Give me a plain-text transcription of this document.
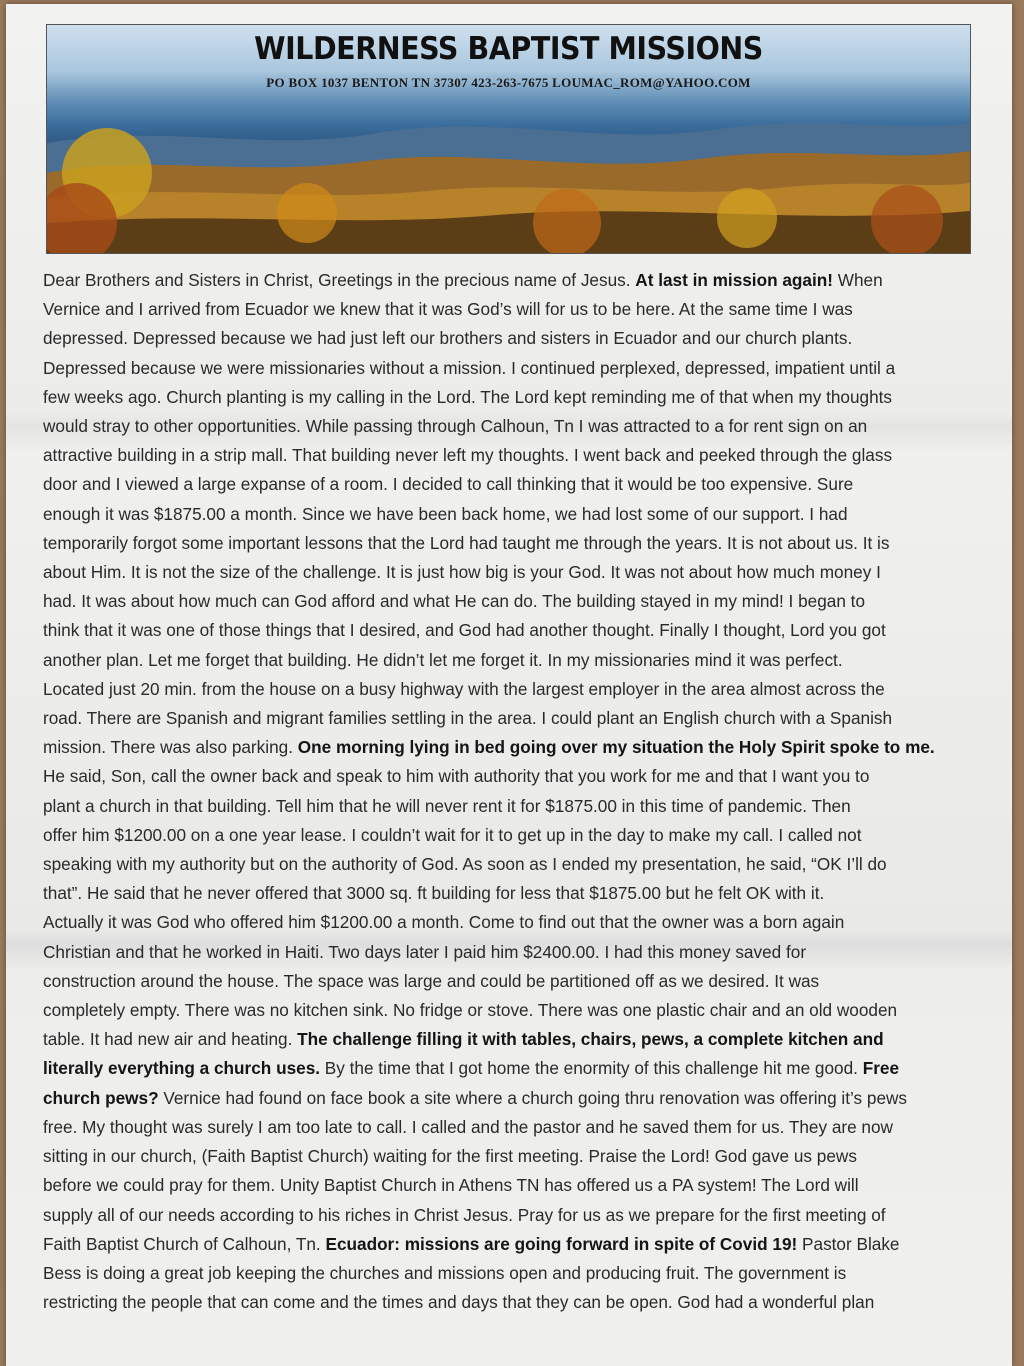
WILDERNESS BAPTIST MISSIONS
PO BOX 1037 BENTON TN 37307 423-263-7675 LOUMAC_ROM@YAHOO.COM
Dear Brothers and Sisters in Christ, Greetings in the precious name of Jesus. At last in mission again! When
Vernice and I arrived from Ecuador we knew that it was God’s will for us to be here. At the same time I was
depressed. Depressed because we had just left our brothers and sisters in Ecuador and our church plants.
Depressed because we were missionaries without a mission. I continued perplexed, depressed, impatient until a
few weeks ago. Church planting is my calling in the Lord. The Lord kept reminding me of that when my thoughts
would stray to other opportunities. While passing through Calhoun, Tn I was attracted to a for rent sign on an
attractive building in a strip mall. That building never left my thoughts. I went back and peeked through the glass
door and I viewed a large expanse of a room. I decided to call thinking that it would be too expensive. Sure
enough it was $1875.00 a month. Since we have been back home, we had lost some of our support. I had
temporarily forgot some important lessons that the Lord had taught me through the years. It is not about us. It is
about Him. It is not the size of the challenge. It is just how big is your God. It was not about how much money I
had. It was about how much can God afford and what He can do. The building stayed in my mind! I began to
think that it was one of those things that I desired, and God had another thought. Finally I thought, Lord you got
another plan. Let me forget that building. He didn’t let me forget it. In my missionaries mind it was perfect.
Located just 20 min. from the house on a busy highway with the largest employer in the area almost across the
road. There are Spanish and migrant families settling in the area. I could plant an English church with a Spanish
mission. There was also parking. One morning lying in bed going over my situation the Holy Spirit spoke to me.
He said, Son, call the owner back and speak to him with authority that you work for me and that I want you to
plant a church in that building. Tell him that he will never rent it for $1875.00 in this time of pandemic. Then
offer him $1200.00 on a one year lease. I couldn’t wait for it to get up in the day to make my call. I called not
speaking with my authority but on the authority of God. As soon as I ended my presentation, he said, “OK I’ll do
that”. He said that he never offered that 3000 sq. ft building for less that $1875.00 but he felt OK with it.
Actually it was God who offered him $1200.00 a month. Come to find out that the owner was a born again
Christian and that he worked in Haiti. Two days later I paid him $2400.00. I had this money saved for
construction around the house. The space was large and could be partitioned off as we desired. It was
completely empty. There was no kitchen sink. No fridge or stove. There was one plastic chair and an old wooden
table. It had new air and heating. The challenge filling it with tables, chairs, pews, a complete kitchen and
literally everything a church uses. By the time that I got home the enormity of this challenge hit me good. Free
church pews? Vernice had found on face book a site where a church going thru renovation was offering it’s pews
free. My thought was surely I am too late to call. I called and the pastor and he saved them for us. They are now
sitting in our church, (Faith Baptist Church) waiting for the first meeting. Praise the Lord! God gave us pews
before we could pray for them. Unity Baptist Church in Athens TN has offered us a PA system! The Lord will
supply all of our needs according to his riches in Christ Jesus. Pray for us as we prepare for the first meeting of
Faith Baptist Church of Calhoun, Tn. Ecuador: missions are going forward in spite of Covid 19! Pastor Blake
Bess is doing a great job keeping the churches and missions open and producing fruit. The government is
restricting the people that can come and the times and days that they can be open. God had a wonderful plan
